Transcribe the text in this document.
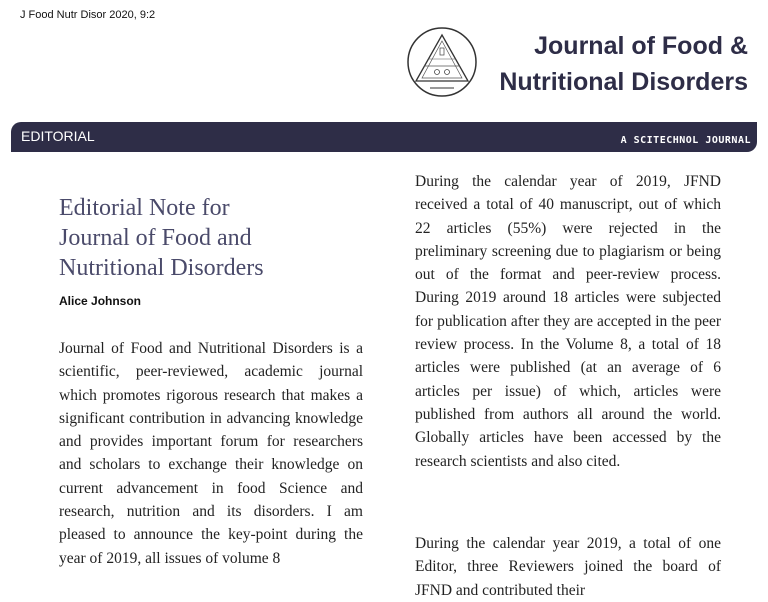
J Food Nutr Disor 2020, 9:2
Journal of Food &
Nutritional Disorders
EDITORIAL	A SCITECHNOL JOURNAL
Editorial Note for
Journal of Food and
Nutritional Disorders
Alice Johnson

Journal of Food and Nutritional Disorders is a scientific, peer-reviewed, academic journal which promotes rigorous research that makes a significant contribution in advancing knowledge and provides important forum for researchers and scholars to exchange their knowledge on current advancement in food Science and research, nutrition and its disorders. I am pleased to announce the key-point during the year of 2019, all issues of volume 8

During the calendar year of 2019, JFND received a total of 40 manuscript, out of which 22 articles (55%) were rejected in the preliminary screening due to plagiarism or being out of the format and peer-review process. During 2019 around 18 articles were subjected for publication after they are accepted in the peer review process. In the Volume 8, a total of 18 articles were published (at an average of 6 articles per issue) of which, articles were published from authors all around the world. Globally articles have been accessed by the research scientists and also cited.

During the calendar year 2019, a total of one Editor, three Reviewers joined the board of JFND and contributed their
